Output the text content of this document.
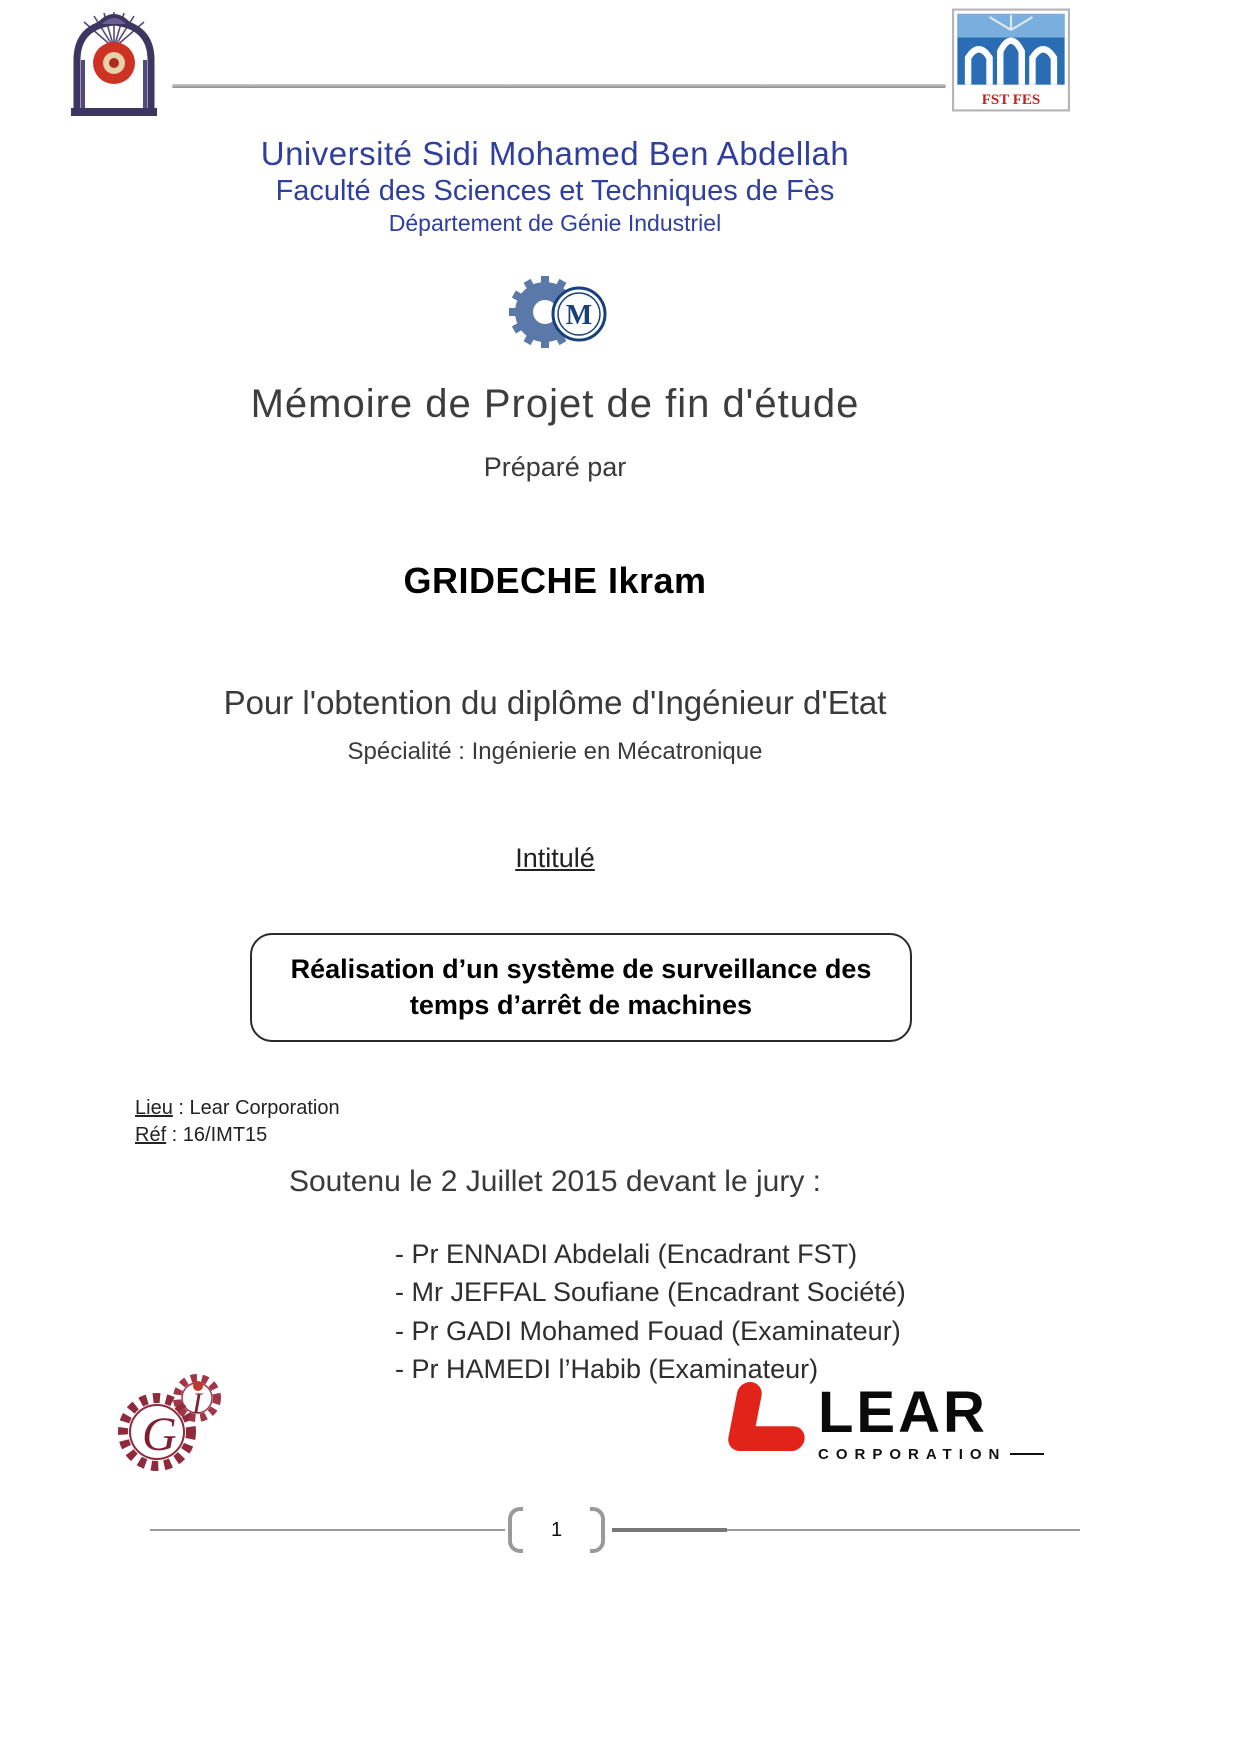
FST FES
Université Sidi Mohamed Ben Abdellah
Faculté des Sciences et Techniques de Fès
Département de Génie Industriel
M
Mémoire de Projet de fin d'étude
Préparé par
GRIDECHE Ikram
Pour l'obtention du diplôme d'Ingénieur d'Etat
Spécialité : Ingénierie en Mécatronique
Intitulé
Réalisation d’un système de surveillance des
temps d’arrêt de machines
Lieu : Lear Corporation
Réf : 16/IMT15
Soutenu le 2 Juillet 2015 devant le jury :
- Pr ENNADI Abdelali (Encadrant FST)
- Mr JEFFAL Soufiane (Encadrant Société)
- Pr GADI Mohamed Fouad (Examinateur)
- Pr HAMEDI l’Habib (Examinateur)
G
I	LEAR
CORPORATION
1
